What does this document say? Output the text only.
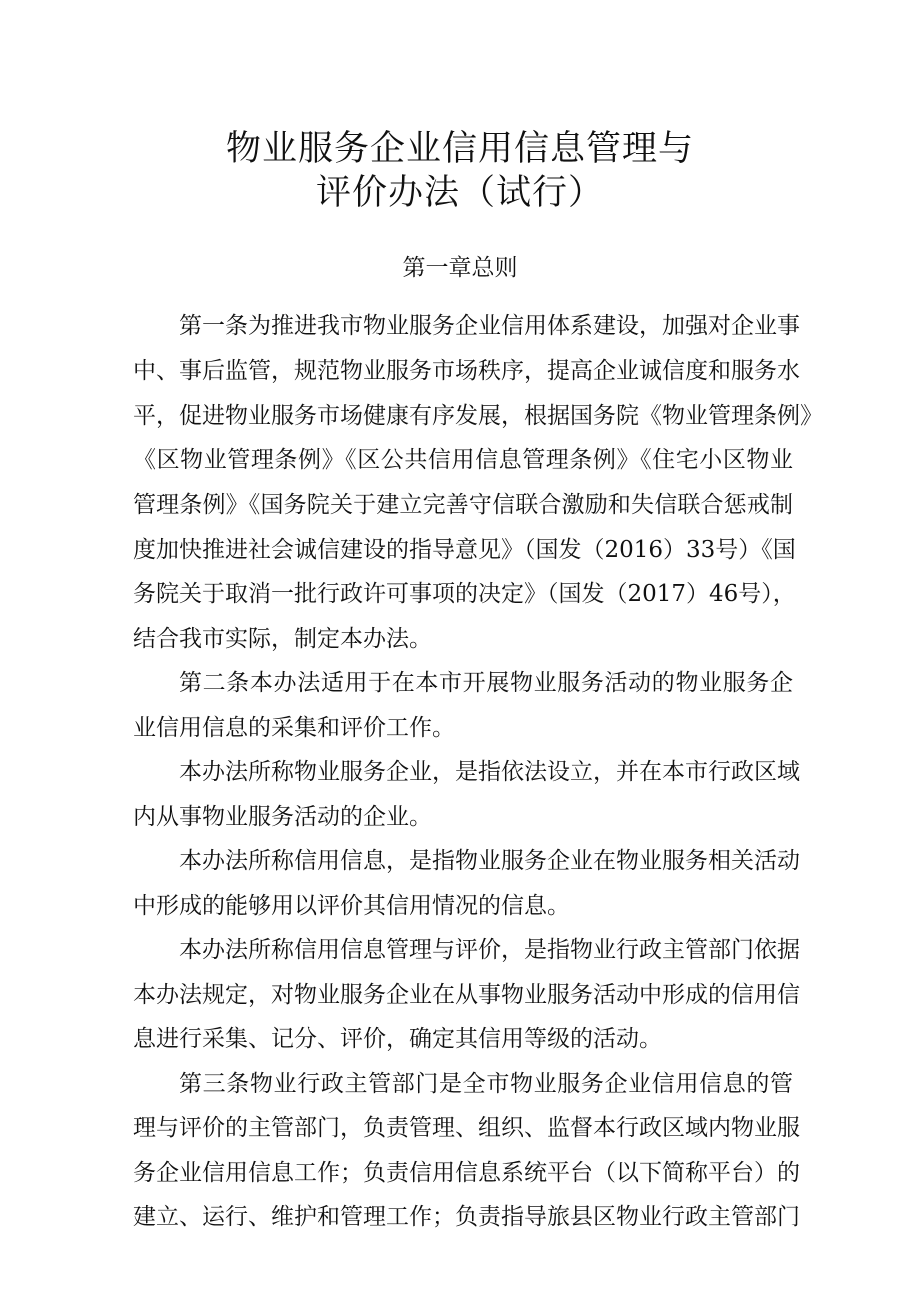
物业服务企业信用信息管理与
评价办法（试行）
第一章总则
第一条为推进我市物业服务企业信用体系建设，加强对企业事
中、事后监管，规范物业服务市场秩序，提高企业诚信度和服务水
平，促进物业服务市场健康有序发展，根据国务院《物业管理条例》
《区物业管理条例》《区公共信用信息管理条例》《住宅小区物业
管理条例》《国务院关于建立完善守信联合激励和失信联合惩戒制
度加快推进社会诚信建设的指导意见》（国发（2016）33号）《国
务院关于取消一批行政许可事项的决定》（国发（2017）46号），
结合我市实际，制定本办法。
第二条本办法适用于在本市开展物业服务活动的物业服务企
业信用信息的采集和评价工作。
本办法所称物业服务企业，是指依法设立，并在本市行政区域
内从事物业服务活动的企业。
本办法所称信用信息，是指物业服务企业在物业服务相关活动
中形成的能够用以评价其信用情况的信息。
本办法所称信用信息管理与评价，是指物业行政主管部门依据
本办法规定，对物业服务企业在从事物业服务活动中形成的信用信
息进行采集、记分、评价，确定其信用等级的活动。
第三条物业行政主管部门是全市物业服务企业信用信息的管
理与评价的主管部门，负责管理、组织、监督本行政区域内物业服
务企业信用信息工作；负责信用信息系统平台（以下简称平台）的
建立、运行、维护和管理工作；负责指导旅县区物业行政主管部门
